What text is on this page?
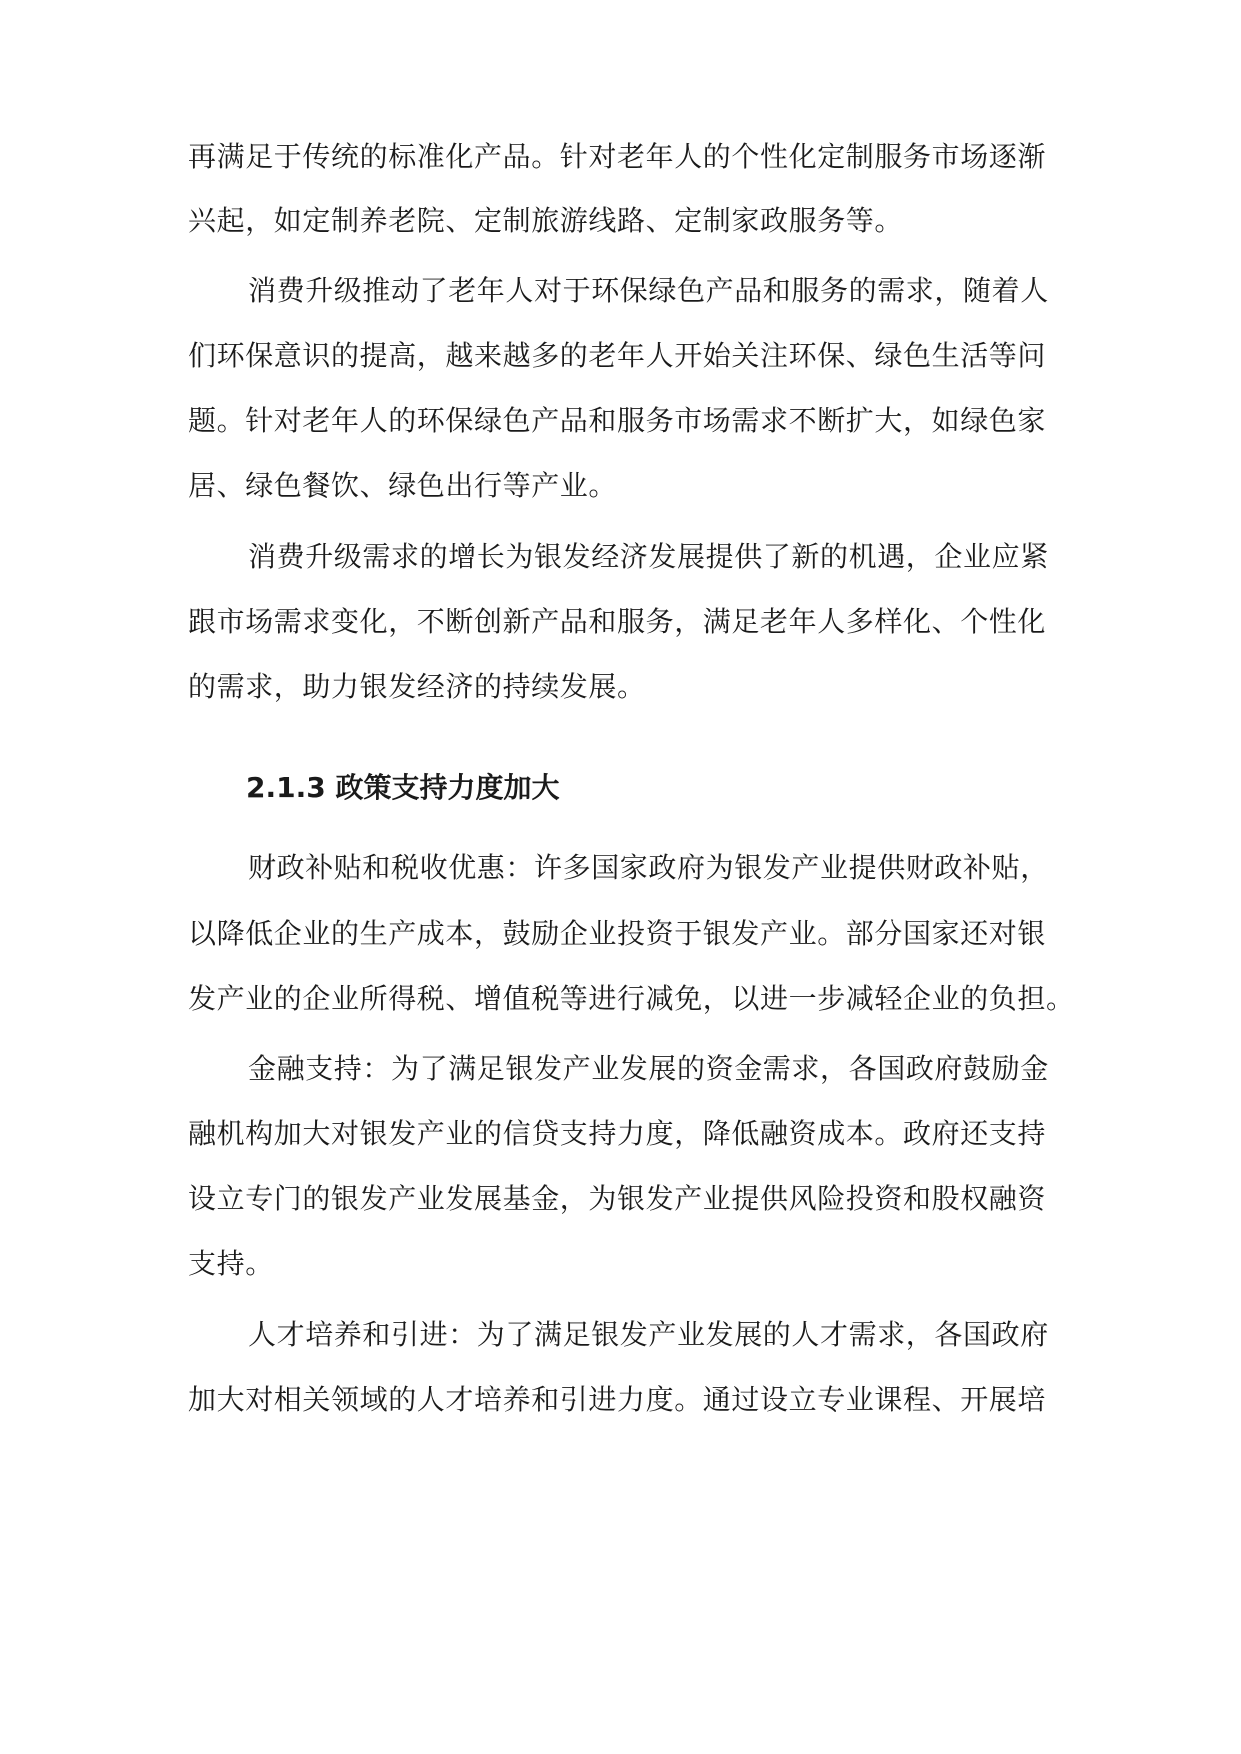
再满足于传统的标准化产品。针对老年人的个性化定制服务市场逐渐
兴起，如定制养老院、定制旅游线路、定制家政服务等。
消费升级推动了老年人对于环保绿色产品和服务的需求，随着人
们环保意识的提高，越来越多的老年人开始关注环保、绿色生活等问
题。针对老年人的环保绿色产品和服务市场需求不断扩大，如绿色家
居、绿色餐饮、绿色出行等产业。
消费升级需求的增长为银发经济发展提供了新的机遇，企业应紧
跟市场需求变化，不断创新产品和服务，满足老年人多样化、个性化
的需求，助力银发经济的持续发展。
2.1.3 政策支持力度加大
财政补贴和税收优惠：许多国家政府为银发产业提供财政补贴，
以降低企业的生产成本，鼓励企业投资于银发产业。部分国家还对银
发产业的企业所得税、增值税等进行减免，以进一步减轻企业的负担。
金融支持：为了满足银发产业发展的资金需求，各国政府鼓励金
融机构加大对银发产业的信贷支持力度，降低融资成本。政府还支持
设立专门的银发产业发展基金，为银发产业提供风险投资和股权融资
支持。
人才培养和引进：为了满足银发产业发展的人才需求，各国政府
加大对相关领域的人才培养和引进力度。通过设立专业课程、开展培
